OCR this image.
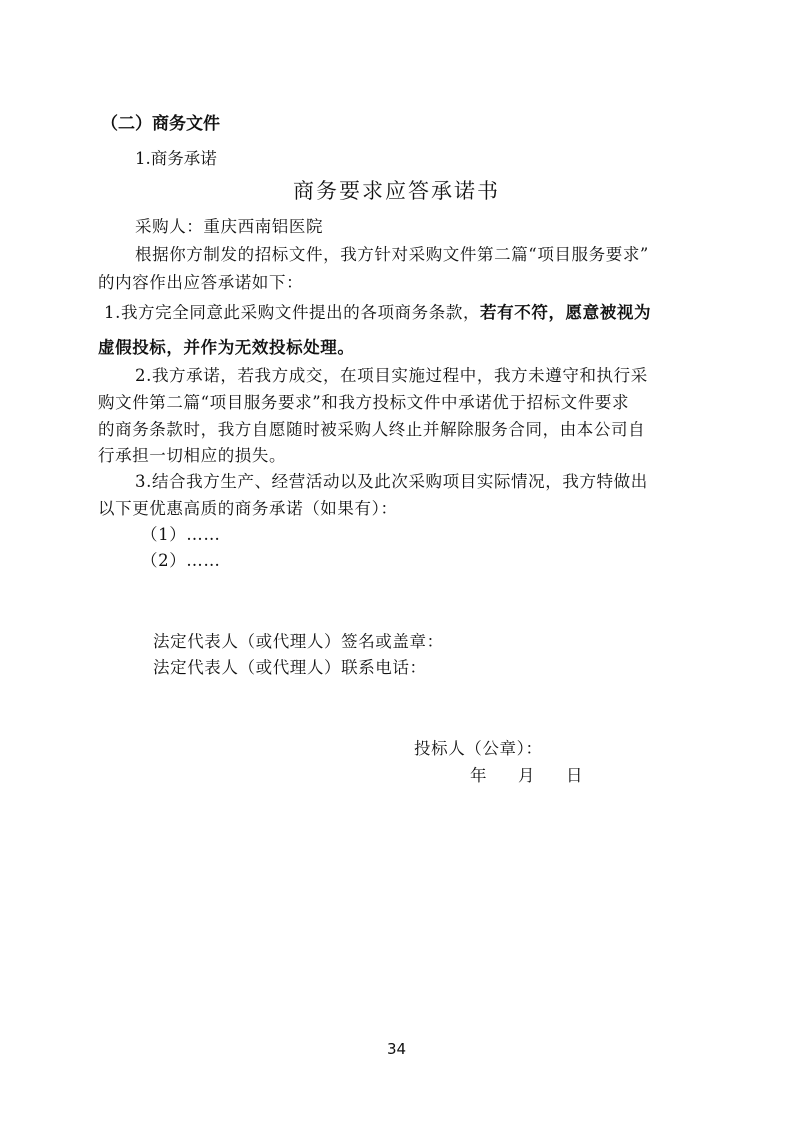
（二）商务文件
1.商务承诺
商务要求应答承诺书
采购人：重庆西南铝医院
根据你方制发的招标文件，我方针对采购文件第二篇“项目服务要求”
的内容作出应答承诺如下：
1.我方完全同意此采购文件提出的各项商务条款，若有不符，愿意被视为
虚假投标，并作为无效投标处理。
2.我方承诺，若我方成交，在项目实施过程中，我方未遵守和执行采
购文件第二篇“项目服务要求”和我方投标文件中承诺优于招标文件要求
的商务条款时，我方自愿随时被采购人终止并解除服务合同，由本公司自
行承担一切相应的损失。
3.结合我方生产、经营活动以及此次采购项目实际情况，我方特做出
以下更优惠高质的商务承诺（如果有）：
（1）……
（2）……
法定代表人（或代理人）签名或盖章：
法定代表人（或代理人）联系电话：
投标人（公章）：
年 月 日
34
